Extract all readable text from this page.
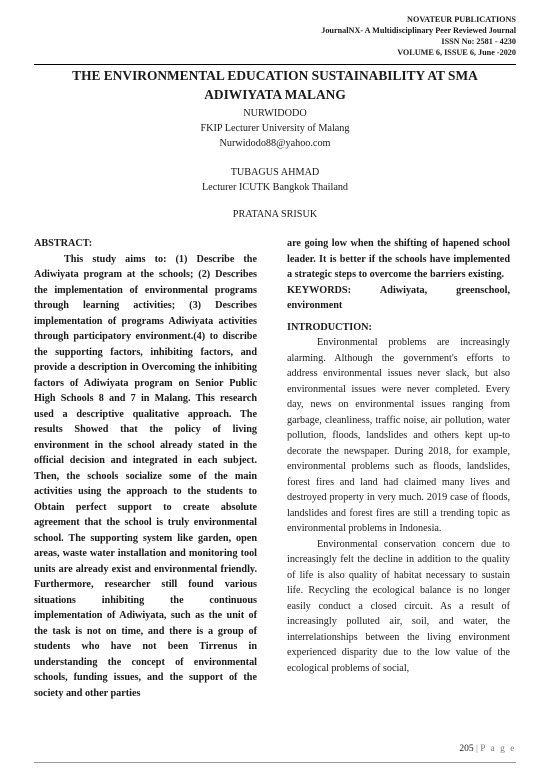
NOVATEUR PUBLICATIONS
JournalNX- A Multidisciplinary Peer Reviewed Journal
ISSN No: 2581 - 4230
VOLUME 6, ISSUE 6, June -2020
THE ENVIRONMENTAL EDUCATION SUSTAINABILITY AT SMA
ADIWIYATA MALANG
NURWIDODO
FKIP Lecturer University of Malang
Nurwidodo88@yahoo.com
TUBAGUS AHMAD
Lecturer ICUTK Bangkok Thailand
PRATANA SRISUK
ABSTRACT:

This study aims to: (1) Describe the Adiwiyata program at the schools; (2) Describes the implementation of environmental programs through learning activities; (3) Describes implementation of programs Adiwiyata activities through participatory environment.(4) to discribe the supporting factors, inhibiting factors, and provide a description in Overcoming the inhibiting factors of Adiwiyata program on Senior Public High Schools 8 and 7 in Malang. This research used a descriptive qualitative approach. The results Showed that the policy of living environment in the school already stated in the official decision and integrated in each subject. Then, the schools socialize some of the main activities using the approach to the students to Obtain perfect support to create absolute agreement that the school is truly environmental school. The supporting system like garden, open areas, waste water installation and monitoring tool units are already exist and environmental friendly. Furthermore, researcher still found various situations inhibiting the continuous implementation of Adiwiyata, such as the unit of the task is not on time, and there is a group of students who have not been Tirrenus in understanding the concept of environmental schools, funding issues, and the support of the society and other parties

are going low when the shifting of hapened school leader. It is better if the schools have implemented a strategic steps to overcome the barriers existing.

KEYWORDS:	Adiwiyata, greenschool, environment

INTRODUCTION:

Environmental problems are increasingly alarming. Although the government's efforts to address environmental issues never slack, but also environmental issues were never completed. Every day, news on environmental issues ranging from garbage, cleanliness, traffic noise, air pollution, water pollution, floods, landslides and others kept up-to decorate the newspaper. During 2018, for example, environmental problems such as floods, landslides, forest fires and land had claimed many lives and destroyed property in very much. 2019 case of floods, landslides and forest fires are still a trending topic as environmental problems in Indonesia.

Environmental conservation concern due to increasingly felt the decline in addition to the quality of life is also quality of habitat necessary to sustain life. Recycling the ecological balance is no longer easily conduct a closed circuit. As a result of increasingly polluted air, soil, and water, the interrelationships between the living environment experienced disparity due to the low value of the ecological problems of social,

205 | P a g e
